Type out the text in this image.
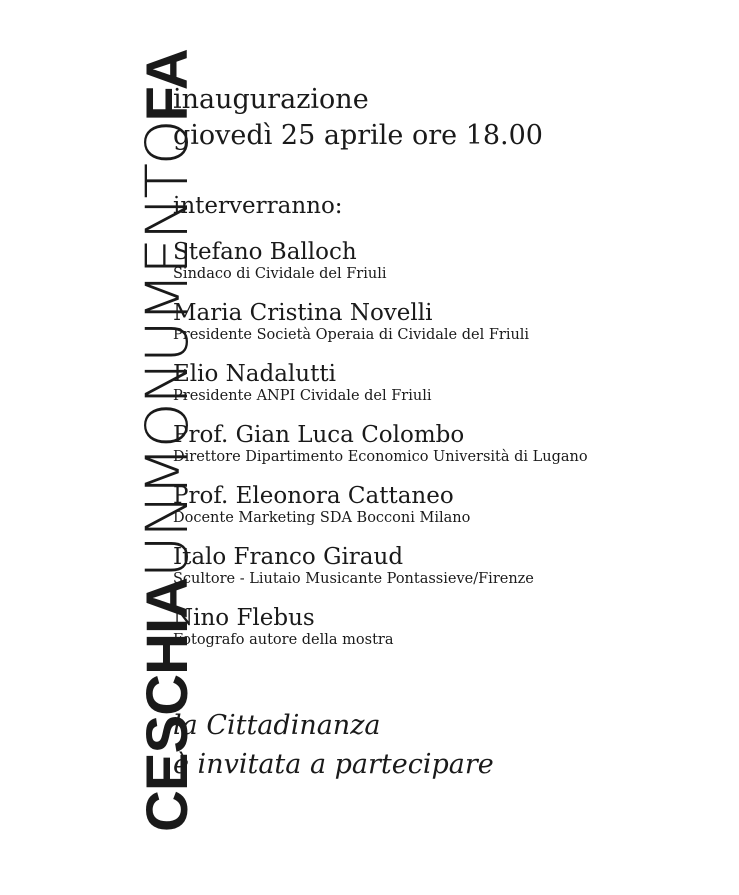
CESCHIAUNMONUMENTOFA

inaugurazione

giovedì 25 aprile ore 18.00

interverranno:
Stefano Balloch
Sindaco di Cividale del Friuli
Maria Cristina Novelli
Presidente Società Operaia di Cividale del Friuli
Elio Nadalutti
Presidente ANPI Cividale del Friuli
Prof. Gian Luca Colombo
Direttore Dipartimento Economico Università di Lugano
Prof. Eleonora Cattaneo
Docente Marketing SDA Bocconi Milano
Italo Franco Giraud
Scultore - Liutaio Musicante Pontassieve/Firenze
Nino Flebus
Fotografo autore della mostra
la Cittadinanza
è invitata a partecipare
